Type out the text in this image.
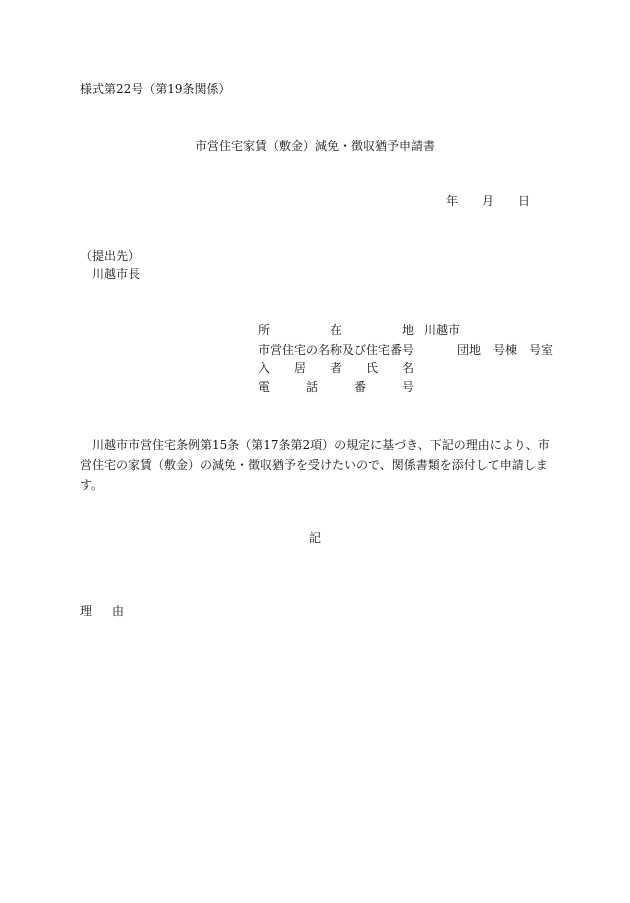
様式第22号（第19条関係）
市営住宅家賃（敷金）減免・徴収猶予申請書
年 月 日
（提出先）
川越市長
所	在	地 川越市
市営住宅の名称及び住宅番号	団地 号棟 号室
入 居 者 氏 名
電	話	番	号
川越市市営住宅条例第15条（第17条第2項）の規定に基づき、下記の理由により、市営住宅の家賃（敷金）の減免・徴収猶予を受けたいので、関係書類を添付して申請します。
記
理 由
